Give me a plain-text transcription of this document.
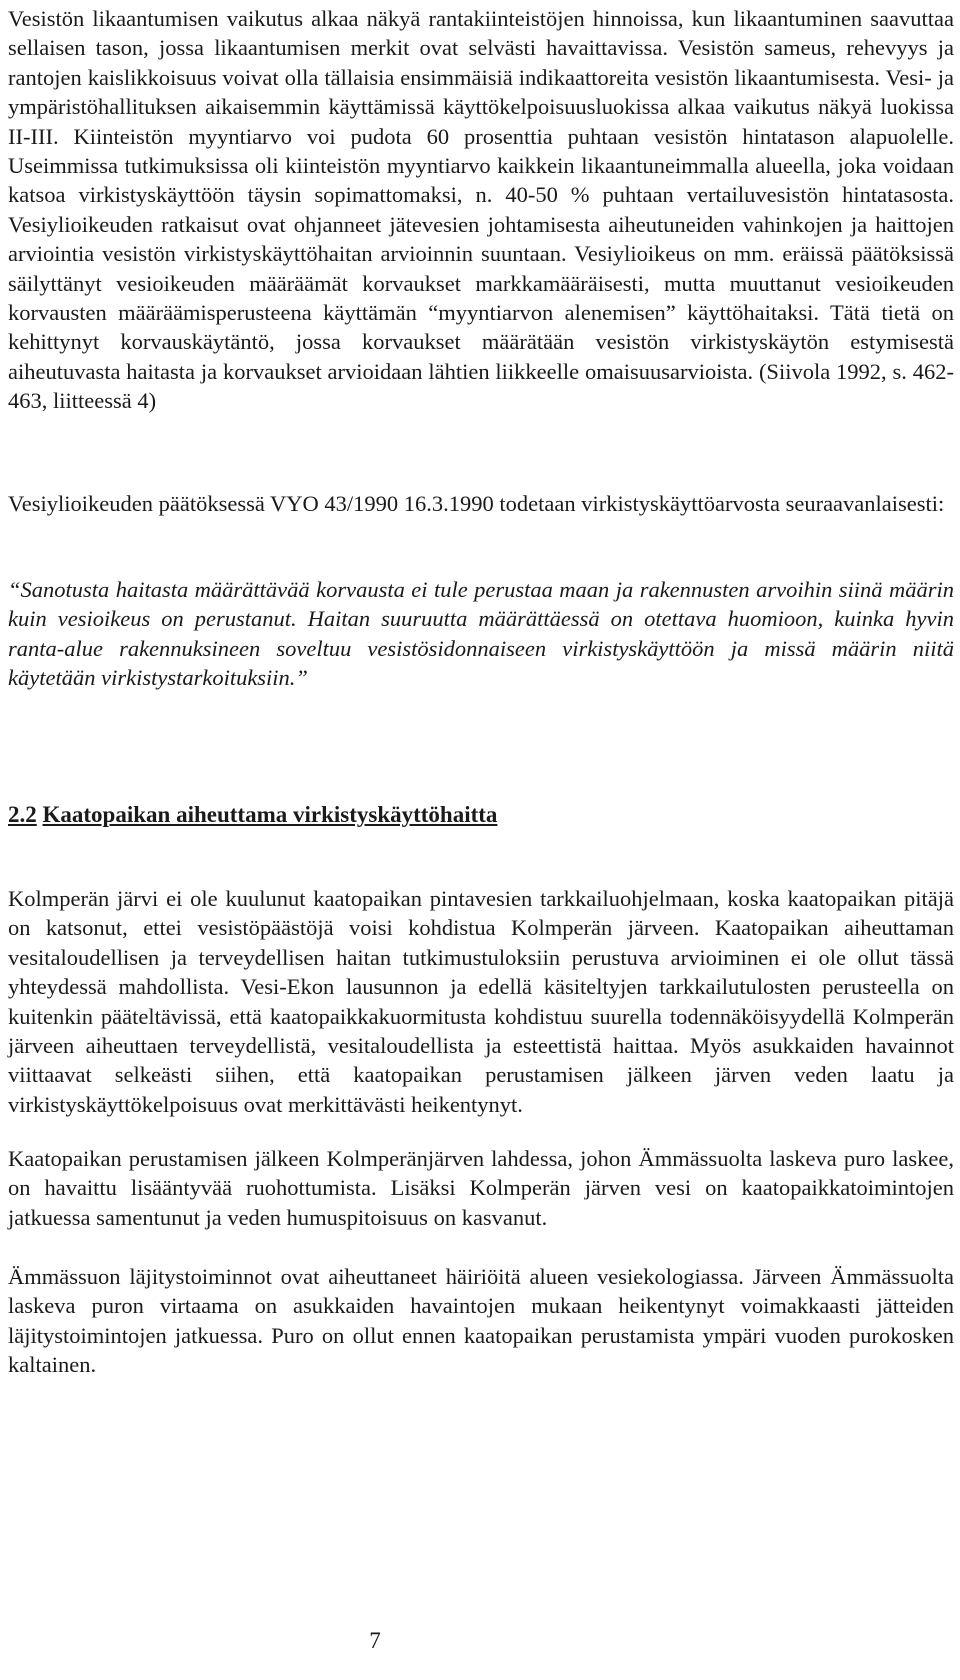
Vesistön likaantumisen vaikutus alkaa näkyä rantakiinteistöjen hinnoissa, kun likaantuminen saavuttaa sellaisen tason, jossa likaantumisen merkit ovat selvästi havaittavissa. Vesistön sameus, rehevyys ja rantojen kaislikkoisuus voivat olla tällaisia ensimmäisiä indikaattoreita vesistön likaantumisesta. Vesi- ja ympäristöhallituksen aikaisemmin käyttämissä käyttökelpoisuusluokissa alkaa vaikutus näkyä luokissa II-III. Kiinteistön myyntiarvo voi pudota 60 prosenttia puhtaan vesistön hintatason alapuolelle. Useimmissa tutkimuksissa oli kiinteistön myyntiarvo kaikkein likaantuneimmalla alueella, joka voidaan katsoa virkistyskäyttöön täysin sopimattomaksi, n. 40-50 % puhtaan vertailuvesistön hintatasosta. Vesiylioikeuden ratkaisut ovat ohjanneet jätevesien johtamisesta aiheutuneiden vahinkojen ja haittojen arviointia vesistön virkistyskäyttöhaitan arvioinnin suuntaan. Vesiylioikeus on mm. eräissä päätöksissä säilyttänyt vesioikeuden määräämät korvaukset markkamääräisesti, mutta muuttanut vesioikeuden korvausten määräämisperusteena käyttämän “myyntiarvon alenemisen” käyttöhaitaksi. Tätä tietä on kehittynyt korvauskäytäntö, jossa korvaukset määrätään vesistön virkistyskäytön estymisestä aiheutuvasta haitasta ja korvaukset arvioidaan lähtien liikkeelle omaisuusarvioista. (Siivola 1992, s. 462-463, liitteessä 4)

Vesiylioikeuden päätöksessä VYO 43/1990 16.3.1990 todetaan virkistyskäyttöarvosta seuraavanlaisesti:

“Sanotusta haitasta määrättävää korvausta ei tule perustaa maan ja rakennusten arvoihin siinä määrin kuin vesioikeus on perustanut. Haitan suuruutta määrättäessä on otettava huomioon, kuinka hyvin ranta-alue rakennuksineen soveltuu vesistösidonnaiseen virkistyskäyttöön ja missä määrin niitä käytetään virkistystarkoituksiin.”

2.2 Kaatopaikan aiheuttama virkistyskäyttöhaitta

Kolmperän järvi ei ole kuulunut kaatopaikan pintavesien tarkkailuohjelmaan, koska kaatopaikan pitäjä on katsonut, ettei vesistöpäästöjä voisi kohdistua Kolmperän järveen. Kaatopaikan aiheuttaman vesitaloudellisen ja terveydellisen haitan tutkimustuloksiin perustuva arvioiminen ei ole ollut tässä yhteydessä mahdollista. Vesi-Ekon lausunnon ja edellä käsiteltyjen tarkkailutulosten perusteella on kuitenkin pääteltävissä, että kaatopaikkakuormitusta kohdistuu suurella todennäköisyydellä Kolmperän järveen aiheuttaen terveydellistä, vesitaloudellista ja esteettistä haittaa. Myös asukkaiden havainnot viittaavat selkeästi siihen, että kaatopaikan perustamisen jälkeen järven veden laatu ja virkistyskäyttökelpoisuus ovat merkittävästi heikentynyt.

Kaatopaikan perustamisen jälkeen Kolmperänjärven lahdessa, johon Ämmässuolta laskeva puro laskee, on havaittu lisääntyvää ruohottumista. Lisäksi Kolmperän järven vesi on kaatopaikkatoimintojen jatkuessa samentunut ja veden humuspitoisuus on kasvanut.

Ämmässuon läjitystoiminnot ovat aiheuttaneet häiriöitä alueen vesiekologiassa. Järveen Ämmässuolta laskeva puron virtaama on asukkaiden havaintojen mukaan heikentynyt voimakkaasti jätteiden läjitystoimintojen jatkuessa. Puro on ollut ennen kaatopaikan perustamista ympäri vuoden purokosken kaltainen.

7
